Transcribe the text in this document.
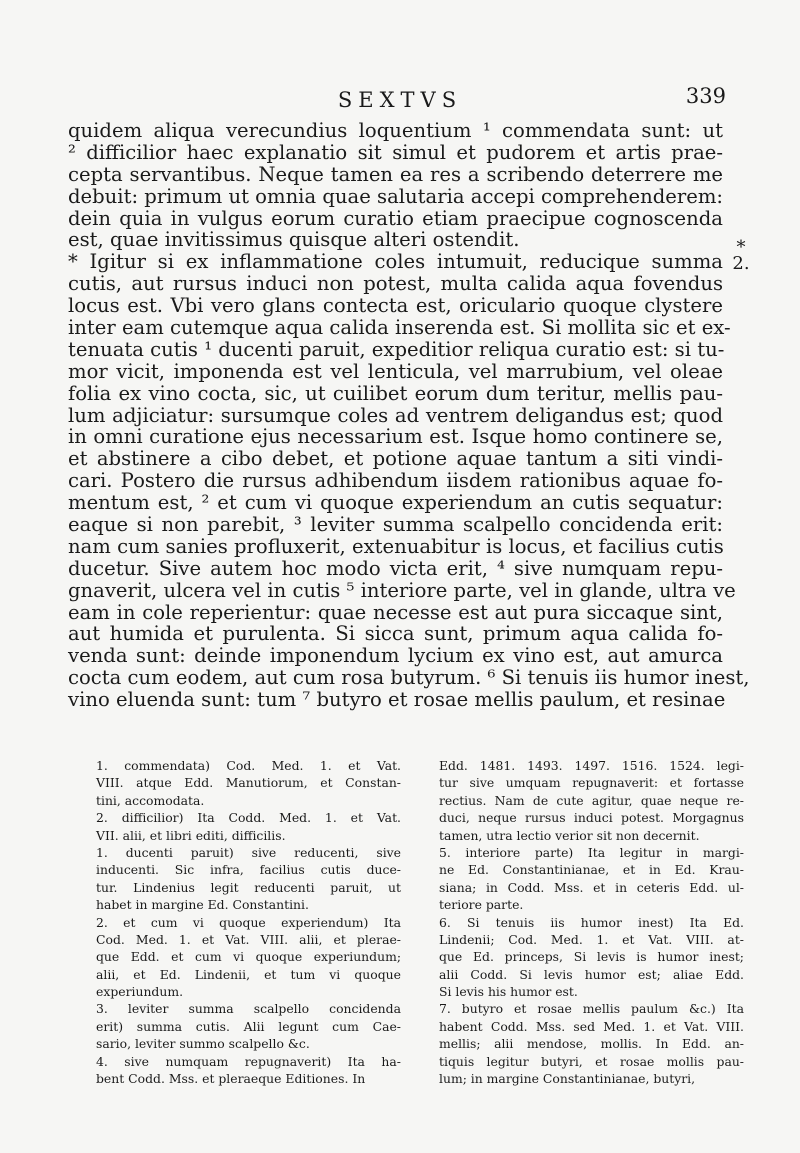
SEXTVS	339
quidem aliqua verecundius loquentium ¹ commendata sunt: ut
² difficilior haec explanatio sit simul et pudorem et artis prae-
cepta servantibus. Neque tamen ea res a scribendo deterrere me
debuit: primum ut omnia quae salutaria accepi comprehenderem:
dein quia in vulgus eorum curatio etiam praecipue cognoscenda
est, quae invitissimus quisque alteri ostendit.
* Igitur si ex inflammatione coles intumuit, reducique summa
cutis, aut rursus induci non potest, multa calida aqua fovendus
locus est. Vbi vero glans contecta est, oriculario quoque clystere
inter eam cutemque aqua calida inserenda est. Si mollita sic et ex-
tenuata cutis ¹ ducenti paruit, expeditior reliqua curatio est: si tu-
mor vicit, imponenda est vel lenticula, vel marrubium, vel oleae
folia ex vino cocta, sic, ut cuilibet eorum dum teritur, mellis pau-
lum adjiciatur: sursumque coles ad ventrem deligandus est; quod
in omni curatione ejus necessarium est. Isque homo continere se,
et abstinere a cibo debet, et potione aquae tantum a siti vindi-
cari. Postero die rursus adhibendum iisdem rationibus aquae fo-
mentum est, ² et cum vi quoque experiendum an cutis sequatur:
eaque si non parebit, ³ leviter summa scalpello concidenda erit:
nam cum sanies profluxerit, extenuabitur is locus, et facilius cutis
ducetur. Sive autem hoc modo victa erit, ⁴ sive numquam repu-
gnaverit, ulcera vel in cutis ⁵ interiore parte, vel in glande, ultra ve
eam in cole reperientur: quae necesse est aut pura siccaque sint,
aut humida et purulenta. Si sicca sunt, primum aqua calida fo-
venda sunt: deinde imponendum lycium ex vino est, aut amurca
cocta cum eodem, aut cum rosa butyrum. ⁶ Si tenuis iis humor inest,
vino eluenda sunt: tum ⁷ butyro et rosae mellis paulum, et resinae
*
2.
1. commendata) Cod. Med. 1. et Vat.
VIII. atque Edd. Manutiorum, et Constan-
tini, accomodata.
2. difficilior) Ita Codd. Med. 1. et Vat.
VII. alii, et libri editi, difficilis.
1. ducenti paruit) sive reducenti, sive
inducenti. Sic infra, facilius cutis duce-
tur. Lindenius legit reducenti paruit, ut
habet in margine Ed. Constantini.
2. et cum vi quoque experiendum) Ita
Cod. Med. 1. et Vat. VIII. alii, et plerae-
que Edd. et cum vi quoque experiundum;
alii, et Ed. Lindenii, et tum vi quoque
experiundum.
3. leviter summa scalpello concidenda
erit) summa cutis. Alii legunt cum Cae-
sario, leviter summo scalpello &c.
4. sive numquam repugnaverit) Ita ha-
bent Codd. Mss. et pleraeque Editiones. In
Edd. 1481. 1493. 1497. 1516. 1524. legi-
tur sive umquam repugnaverit: et fortasse
rectius. Nam de cute agitur, quae neque re-
duci, neque rursus induci potest. Morgagnus
tamen, utra lectio verior sit non decernit.
5. interiore parte) Ita legitur in margi-
ne Ed. Constantinianae, et in Ed. Krau-
siana; in Codd. Mss. et in ceteris Edd. ul-
teriore parte.
6. Si tenuis iis humor inest) Ita Ed.
Lindenii; Cod. Med. 1. et Vat. VIII. at-
que Ed. princeps, Si levis is humor inest;
alii Codd. Si levis humor est; aliae Edd.
Si levis his humor est.
7. butyro et rosae mellis paulum &c.) Ita
habent Codd. Mss. sed Med. 1. et Vat. VIII.
mellis; alii mendose, mollis. In Edd. an-
tiquis legitur butyri, et rosae mollis pau-
lum; in margine Constantinianae, butyri,
